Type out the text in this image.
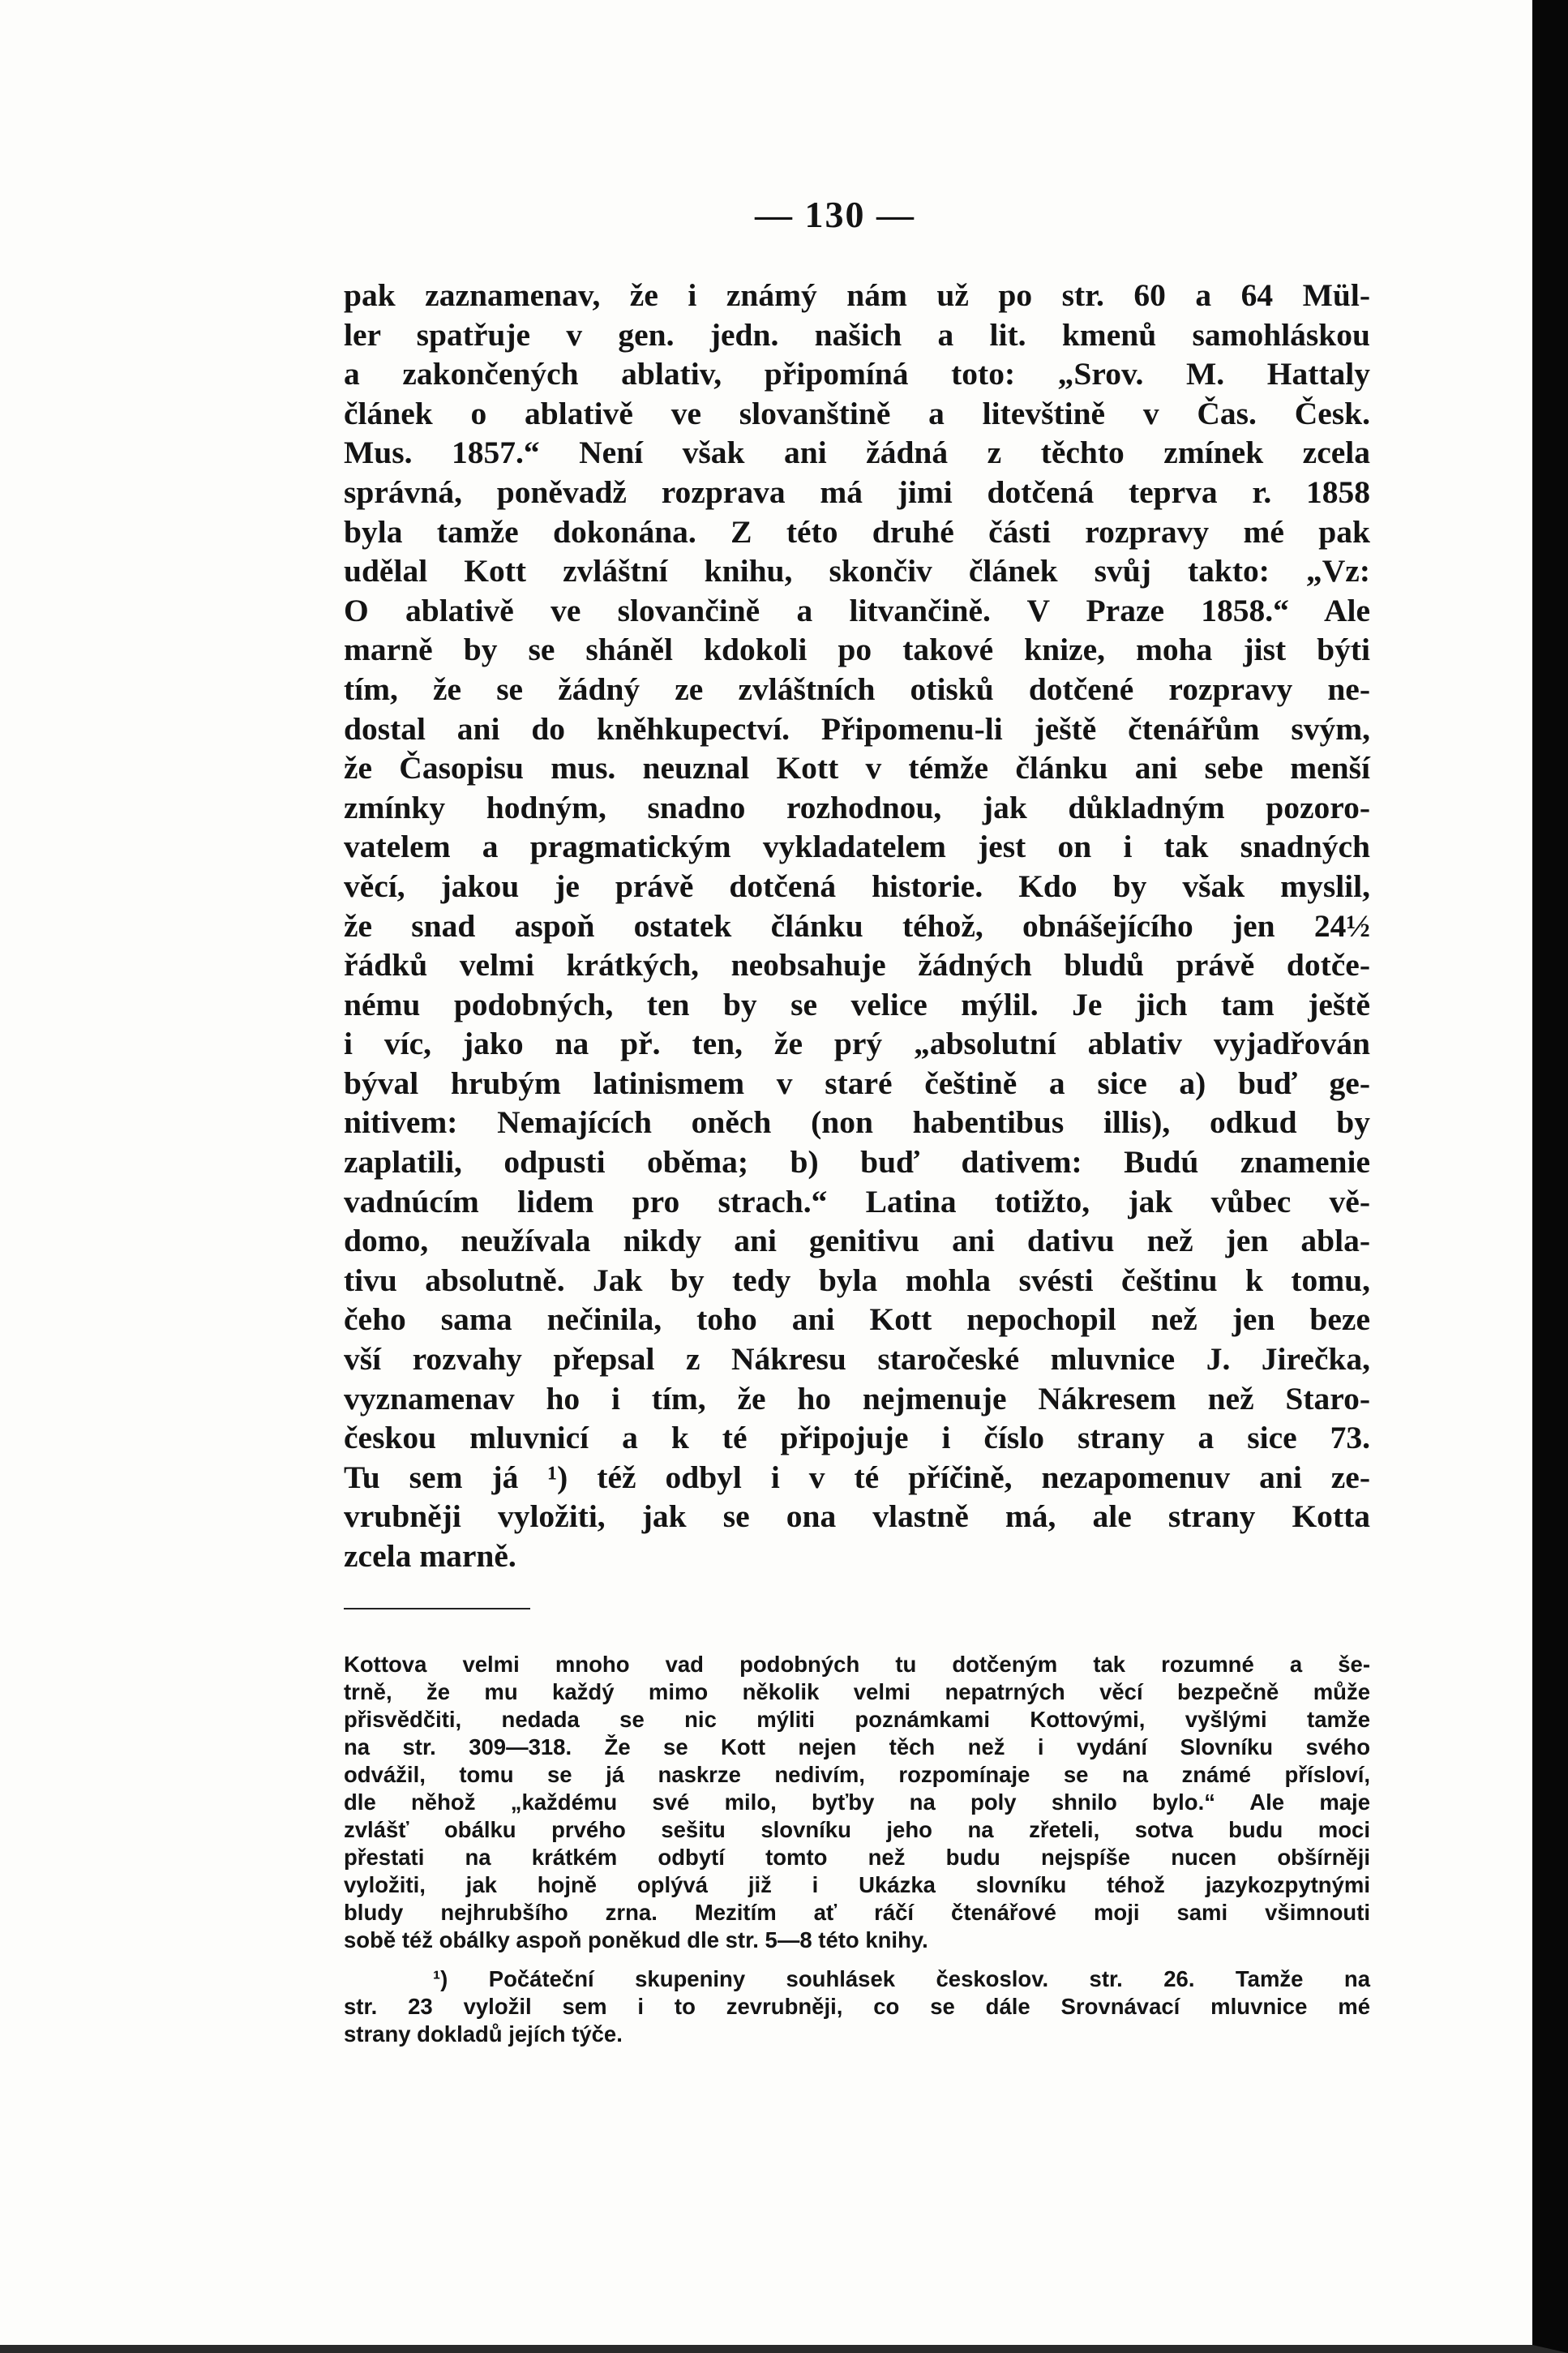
— 130 —
pak zaznamenav, že i známý nám už po str. 60 a 64 Mül-
ler spatřuje v gen. jedn. našich a lit. kmenů samohláskou
a zakončených ablativ, připomíná toto: „Srov. M. Hattaly
článek o ablativě ve slovanštině a litevštině v Čas. Česk.
Mus. 1857.“ Není však ani žádná z těchto zmínek zcela
správná, poněvadž rozprava má jimi dotčená teprva r. 1858
byla tamže dokonána. Z této druhé části rozpravy mé pak
udělal Kott zvláštní knihu, skončiv článek svůj takto: „Vz:
O ablativě ve slovančině a litvančině. V Praze 1858.“ Ale
marně by se sháněl kdokoli po takové knize, moha jist býti
tím, že se žádný ze zvláštních otisků dotčené rozpravy ne-
dostal ani do kněhkupectví. Připomenu-li ještě čtenářům svým,
že Časopisu mus. neuznal Kott v témže článku ani sebe menší
zmínky hodným, snadno rozhodnou, jak důkladným pozoro-
vatelem a pragmatickým vykladatelem jest on i tak snadných
věcí, jakou je právě dotčená historie. Kdo by však myslil,
že snad aspoň ostatek článku téhož, obnášejícího jen 24½
řádků velmi krátkých, neobsahuje žádných bludů právě dotče-
nému podobných, ten by se velice mýlil. Je jich tam ještě
i víc, jako na př. ten, že prý „absolutní ablativ vyjadřován
býval hrubým latinismem v staré češtině a sice a) buď ge-
nitivem: Nemajících oněch (non habentibus illis), odkud by
zaplatili, odpusti oběma; b) buď dativem: Budú znamenie
vadnúcím lidem pro strach.“ Latina totižto, jak vůbec vě-
domo, neužívala nikdy ani genitivu ani dativu než jen abla-
tivu absolutně. Jak by tedy byla mohla svésti češtinu k tomu,
čeho sama nečinila, toho ani Kott nepochopil než jen beze
vší rozvahy přepsal z Nákresu staročeské mluvnice J. Jirečka,
vyznamenav ho i tím, že ho nejmenuje Nákresem než Staro-
českou mluvnicí a k té připojuje i číslo strany a sice 73.
Tu sem já ¹) též odbyl i v té příčině, nezapomenuv ani ze-
vrubněji vyložiti, jak se ona vlastně má, ale strany Kotta
zcela marně.
Kottova velmi mnoho vad podobných tu dotčeným tak rozumné a še-
trně, že mu každý mimo několik velmi nepatrných věcí bezpečně může
přisvědčiti, nedada se nic mýliti poznámkami Kottovými, vyšlými tamže
na str. 309—318. Že se Kott nejen těch než i vydání Slovníku svého
odvážil, tomu se já naskrze nedivím, rozpomínaje se na známé přísloví,
dle něhož „každému své milo, byťby na poly shnilo bylo.“ Ale maje
zvlášť obálku prvého sešitu slovníku jeho na zřeteli, sotva budu moci
přestati na krátkém odbytí tomto než budu nejspíše nucen obšírněji
vyložiti, jak hojně oplývá již i Ukázka slovníku téhož jazykozpytnými
bludy nejhrubšího zrna. Mezitím ať ráčí čtenářové moji sami všimnouti
sobě též obálky aspoň poněkud dle str. 5—8 této knihy.
¹) Počáteční skupeniny souhlásek českoslov. str. 26. Tamže na
str. 23 vyložil sem i to zevrubněji, co se dále Srovnávací mluvnice mé
strany dokladů jejích týče.
